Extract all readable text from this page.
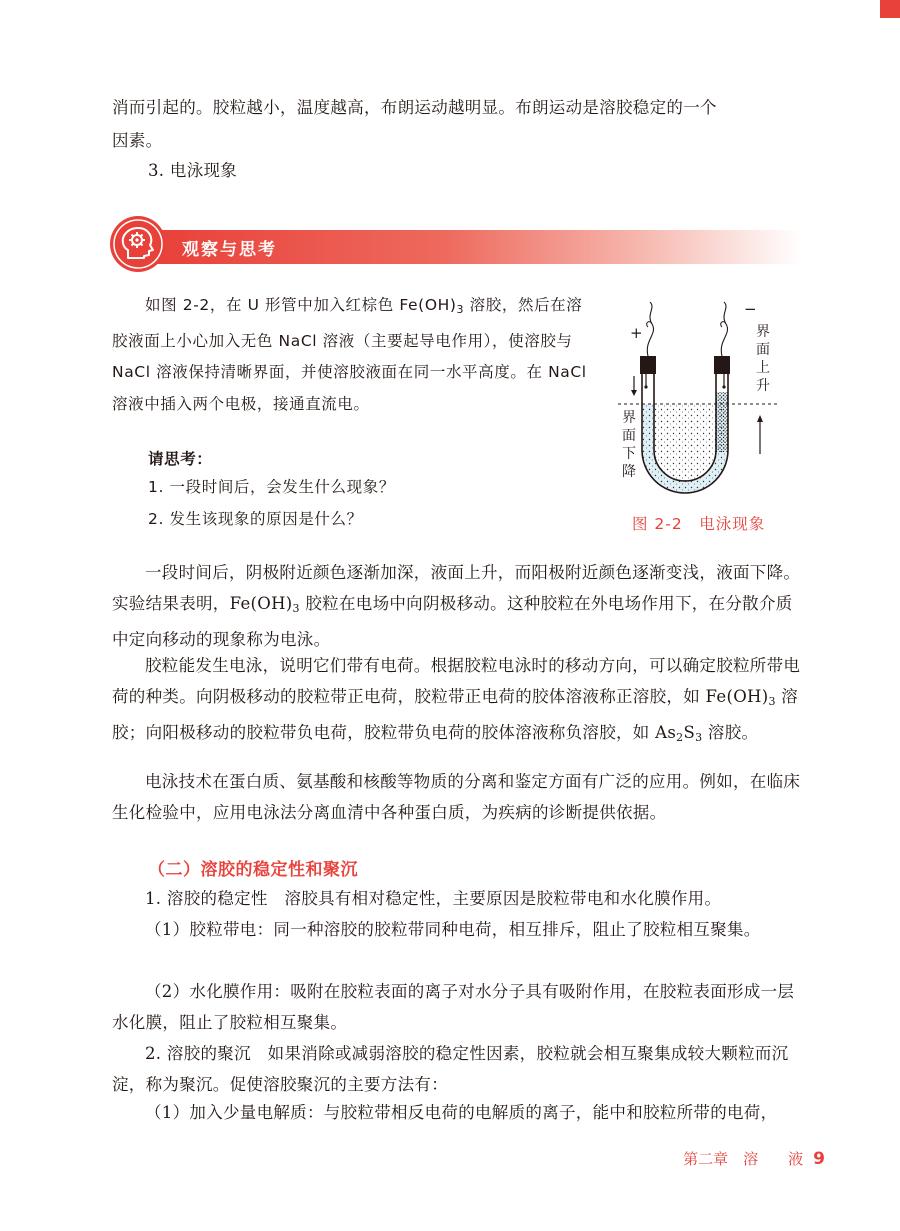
消而引起的。胶粒越小，温度越高，布朗运动越明显。布朗运动是溶胶稳定的一个

因素。

3. 电泳现象

观察与思考

如图 2-2，在 U 形管中加入红棕色 $Fe(OH)_3$ 溶胶，然后在溶胶液面上小心加入无色 NaCl 溶液（主要起导电作用），使溶胶与 NaCl 溶液保持清晰界面，并使溶胶液面在同一水平高度。在 NaCl 溶液中插入两个电极，接通直流电。

请思考：

1. 一段时间后，会发生什么现象？

2. 发生该现象的原因是什么？

+
−
界 面 上 升
界 面 下 降
图 2-2　电泳现象

一段时间后，阴极附近颜色逐渐加深，液面上升，而阳极附近颜色逐渐变浅，液面下降。实验结果表明，$Fe(OH)_3$ 胶粒在电场中向阴极移动。这种胶粒在外电场作用下，在分散介质中定向移动的现象称为电泳。

胶粒能发生电泳，说明它们带有电荷。根据胶粒电泳时的移动方向，可以确定胶粒所带电荷的种类。向阴极移动的胶粒带正电荷，胶粒带正电荷的胶体溶液称正溶胶，如 $Fe(OH)_3$ 溶胶；向阳极移动的胶粒带负电荷，胶粒带负电荷的胶体溶液称负溶胶，如 $As_2S_3$ 溶胶。

电泳技术在蛋白质、氨基酸和核酸等物质的分离和鉴定方面有广泛的应用。例如，在临床生化检验中，应用电泳法分离血清中各种蛋白质，为疾病的诊断提供依据。

（二）溶胶的稳定性和聚沉

1. 溶胶的稳定性　溶胶具有相对稳定性，主要原因是胶粒带电和水化膜作用。

（1）胶粒带电：同一种溶胶的胶粒带同种电荷，相互排斥，阻止了胶粒相互聚集。

（2）水化膜作用：吸附在胶粒表面的离子对水分子具有吸附作用，在胶粒表面形成一层水化膜，阻止了胶粒相互聚集。

2. 溶胶的聚沉　如果消除或减弱溶胶的稳定性因素，胶粒就会相互聚集成较大颗粒而沉淀，称为聚沉。促使溶胶聚沉的主要方法有：

（1）加入少量电解质：与胶粒带相反电荷的电解质的离子，能中和胶粒所带的电荷，

第二章　溶　　液 9
